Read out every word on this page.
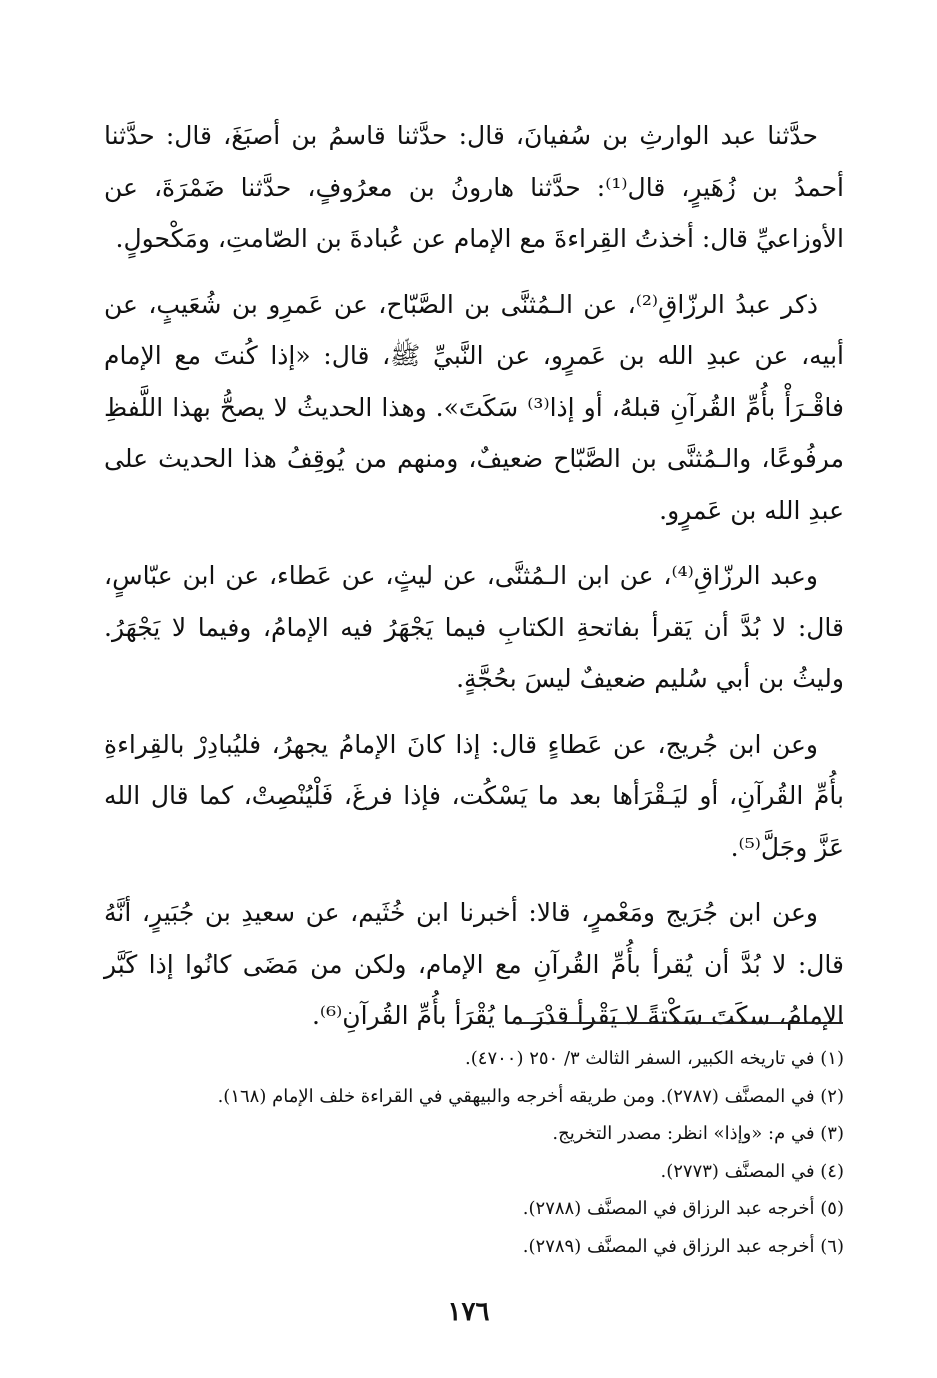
حدَّثنا عبد الوارثِ بن سُفيانَ، قال: حدَّثنا قاسمُ بن أصبَغَ، قال: حدَّثنا أحمدُ بن زُهَيرٍ، قال⁽¹⁾: حدَّثنا هارونُ بن معرُوفٍ، حدَّثنا ضَمْرَةَ، عن الأوزاعيِّ قال: أخذتُ القِراءةَ مع الإمام عن عُبادةَ بن الصّامتِ، ومَكْحولٍ.

ذكر عبدُ الرزّاقِ⁽²⁾، عن الـمُثنَّى بن الصَّبّاح، عن عَمرِو بن شُعَيبٍ، عن أبيه، عن عبدِ الله بن عَمرٍو، عن النَّبيِّ ﷺ، قال: «إذا كُنتَ مع الإمام فاقْـرَأْ بأُمِّ القُرآنِ قبلهُ، أو إذا⁽³⁾ سَكَتَ». وهذا الحديثُ لا يصحُّ بهذا اللَّفظِ مرفُوعًا، والـمُثنَّى بن الصَّبّاح ضعيفٌ، ومنهم من يُوقِفُ هذا الحديث على عبدِ الله بن عَمرٍو.

وعبد الرزّاقِ⁽⁴⁾، عن ابن الـمُثنَّى، عن ليثٍ، عن عَطاء، عن ابن عبّاسٍ، قال: لا بُدَّ أن يَقرأ بفاتحةِ الكتابِ فيما يَجْهَرُ فيه الإمامُ، وفيما لا يَجْهَرُ. وليثُ بن أبي سُليم ضعيفٌ ليسَ بحُجَّةٍ.

وعن ابن جُريج، عن عَطاءٍ قال: إذا كانَ الإمامُ يجهرُ، فليُبادِرْ بالقِراءةِ بأُمِّ القُرآنِ، أو ليَـقْرَأها بعد ما يَسْكُت، فإذا فرغَ، فَلْيُنْصِتْ، كما قال الله عَزَّ وجَلَّ⁽⁵⁾.

وعن ابن جُرَيج ومَعْمرٍ، قالا: أخبرنا ابن خُثَيم، عن سعيدِ بن جُبَيرٍ، أنَّهُ قال: لا بُدَّ أن يُقرأ بأُمِّ القُرآنِ مع الإمام، ولكن من مَضَى كانُوا إذا كَبَّر الإمامُ، سكَتَ سَكْتةً لا يَقْرأ قدْرَ ما يُقْرَأ بأُمِّ القُرآنِ⁽⁶⁾.

(١) في تاريخه الكبير، السفر الثالث ٣/ ٢٥٠ (٤٧٠٠).

(٢) في المصنَّف (٢٧٨٧). ومن طريقه أخرجه والبيهقي في القراءة خلف الإمام (١٦٨).

(٣) في م: «وإذا» انظر: مصدر التخريج.

(٤) في المصنَّف (٢٧٧٣).

(٥) أخرجه عبد الرزاق في المصنَّف (٢٧٨٨).

(٦) أخرجه عبد الرزاق في المصنَّف (٢٧٨٩).

١٧٦
